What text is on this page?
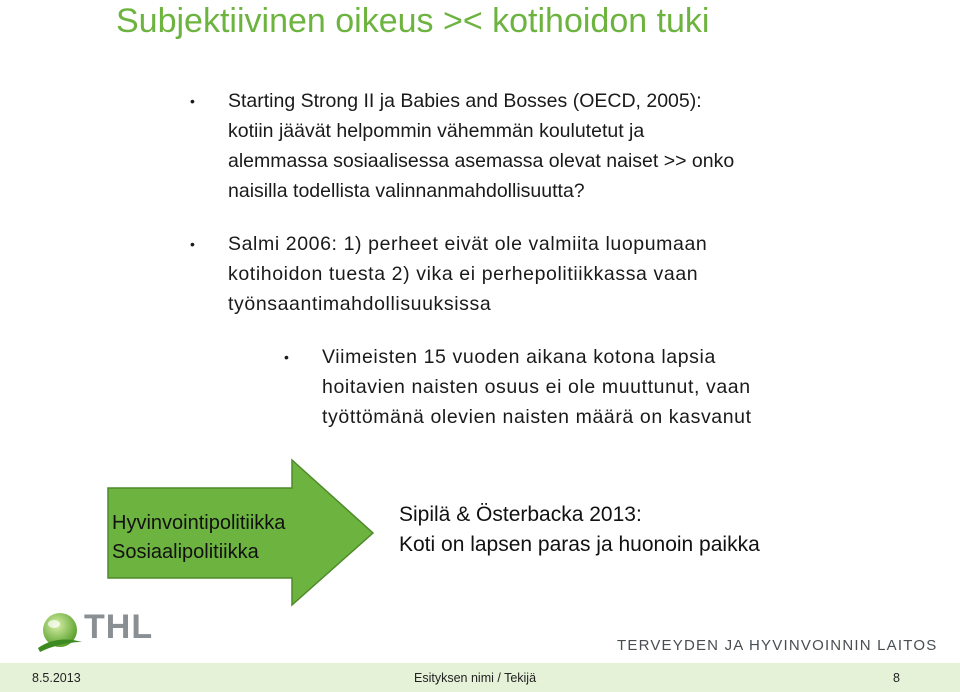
Subjektiivinen oikeus >< kotihoidon tuki
• Starting Strong II ja Babies and Bosses (OECD, 2005):
kotiin jäävät helpommin vähemmän koulutetut ja
alemmassa sosiaalisessa asemassa olevat naiset >> onko
naisilla todellista valinnanmahdollisuutta?
• Salmi 2006: 1) perheet eivät ole valmiita luopumaan
kotihoidon tuesta 2) vika ei perhepolitiikkassa vaan
työnsaantimahdollisuuksissa
• Viimeisten 15 vuoden aikana kotona lapsia
hoitavien naisten osuus ei ole muuttunut, vaan
työttömänä olevien naisten määrä on kasvanut
Hyvinvointipolitiikka
Sosiaalipolitiikka
Sipilä & Österbacka 2013:
Koti on lapsen paras ja huonoin paikka
THL	TERVEYDEN JA HYVINVOINNIN LAITOS
8.5.2013	Esityksen nimi / Tekijä	8
